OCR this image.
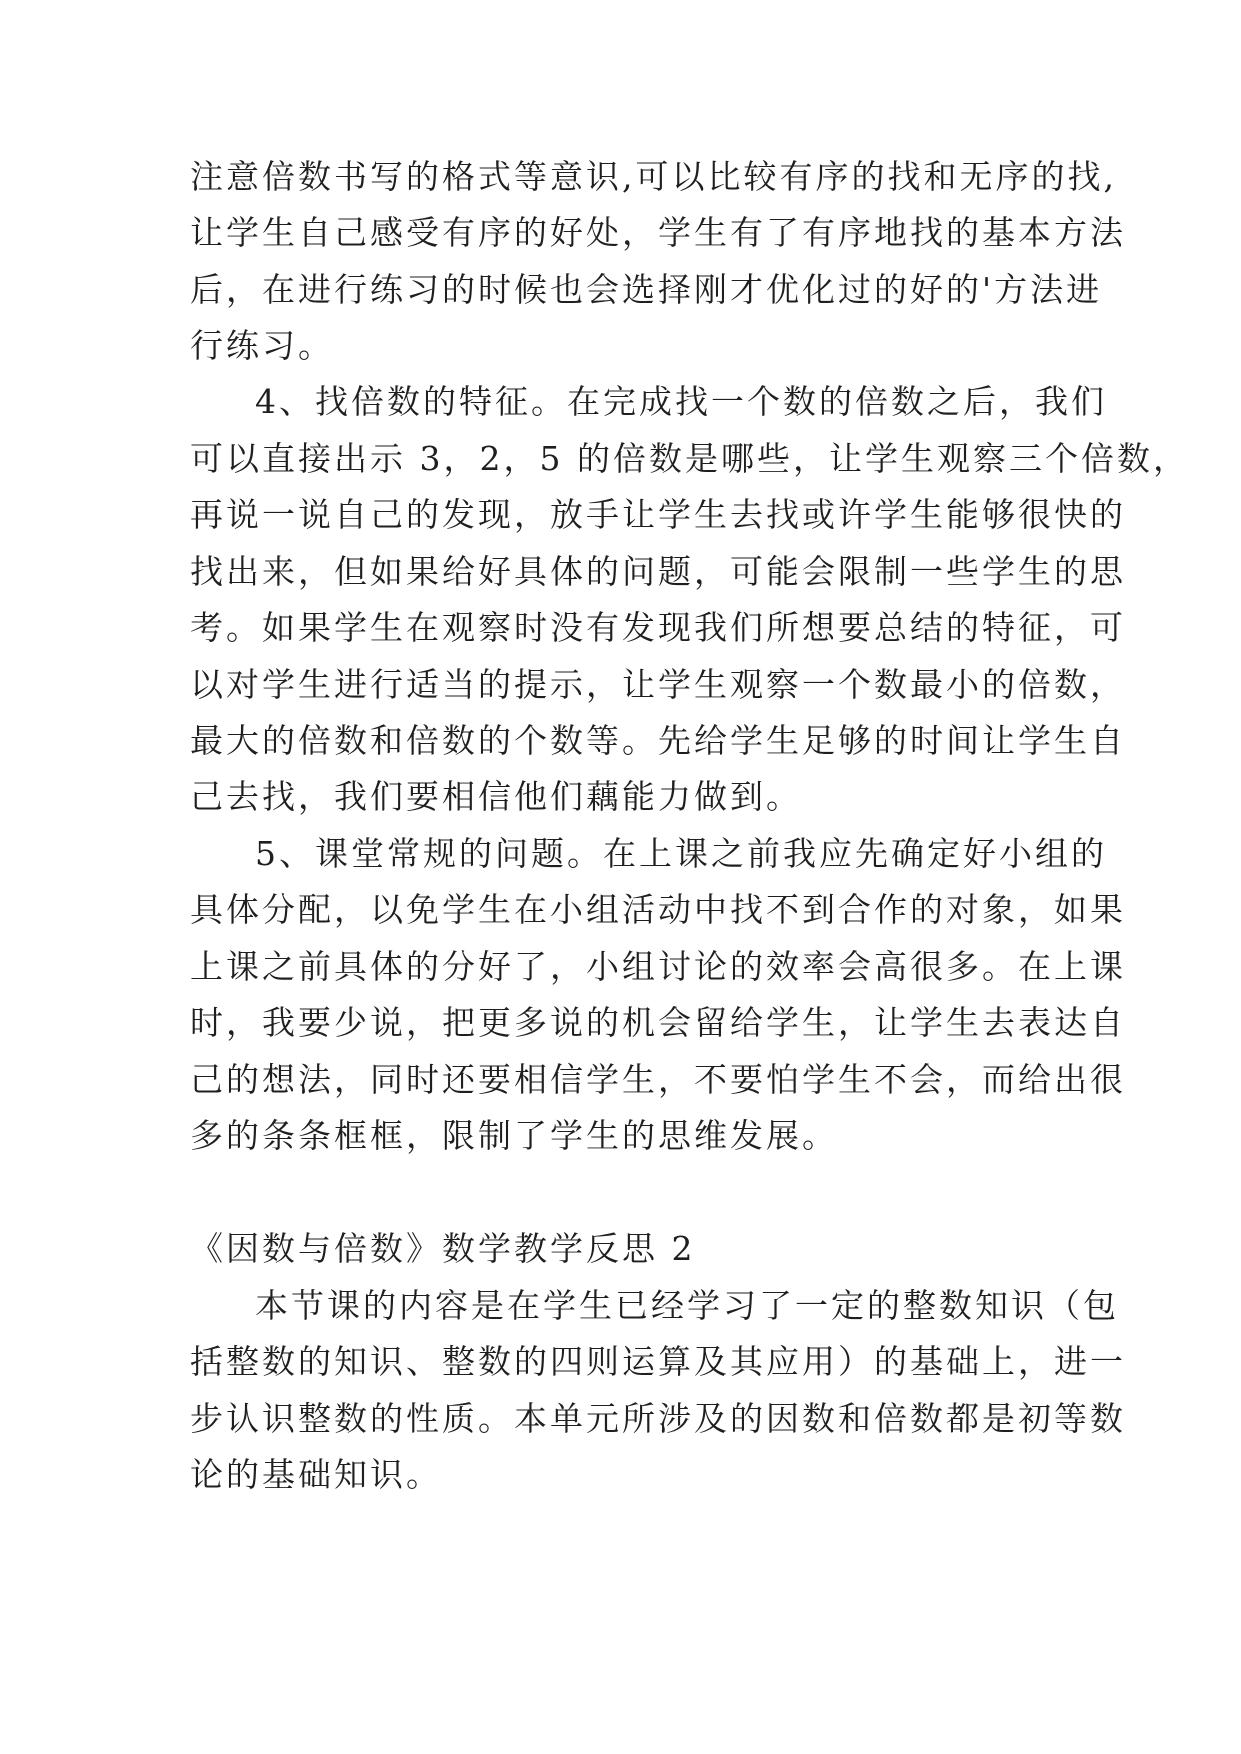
注意倍数书写的格式等意识,可以比较有序的找和无序的找,
让学生自己感受有序的好处，学生有了有序地找的基本方法
后，在进行练习的时候也会选择刚才优化过的好的'方法进
行练习。
4、找倍数的特征。在完成找一个数的倍数之后，我们
可以直接出示 3，2，5 的倍数是哪些，让学生观察三个倍数，
再说一说自己的发现，放手让学生去找或许学生能够很快的
找出来，但如果给好具体的问题，可能会限制一些学生的思
考。如果学生在观察时没有发现我们所想要总结的特征，可
以对学生进行适当的提示，让学生观察一个数最小的倍数，
最大的倍数和倍数的个数等。先给学生足够的时间让学生自
己去找，我们要相信他们藕能力做到。
5、课堂常规的问题。在上课之前我应先确定好小组的
具体分配，以免学生在小组活动中找不到合作的对象，如果
上课之前具体的分好了，小组讨论的效率会高很多。在上课
时，我要少说，把更多说的机会留给学生，让学生去表达自
己的想法，同时还要相信学生，不要怕学生不会，而给出很
多的条条框框，限制了学生的思维发展。
《因数与倍数》数学教学反思 2
本节课的内容是在学生已经学习了一定的整数知识（包
括整数的知识、整数的四则运算及其应用）的基础上，进一
步认识整数的性质。本单元所涉及的因数和倍数都是初等数
论的基础知识。
